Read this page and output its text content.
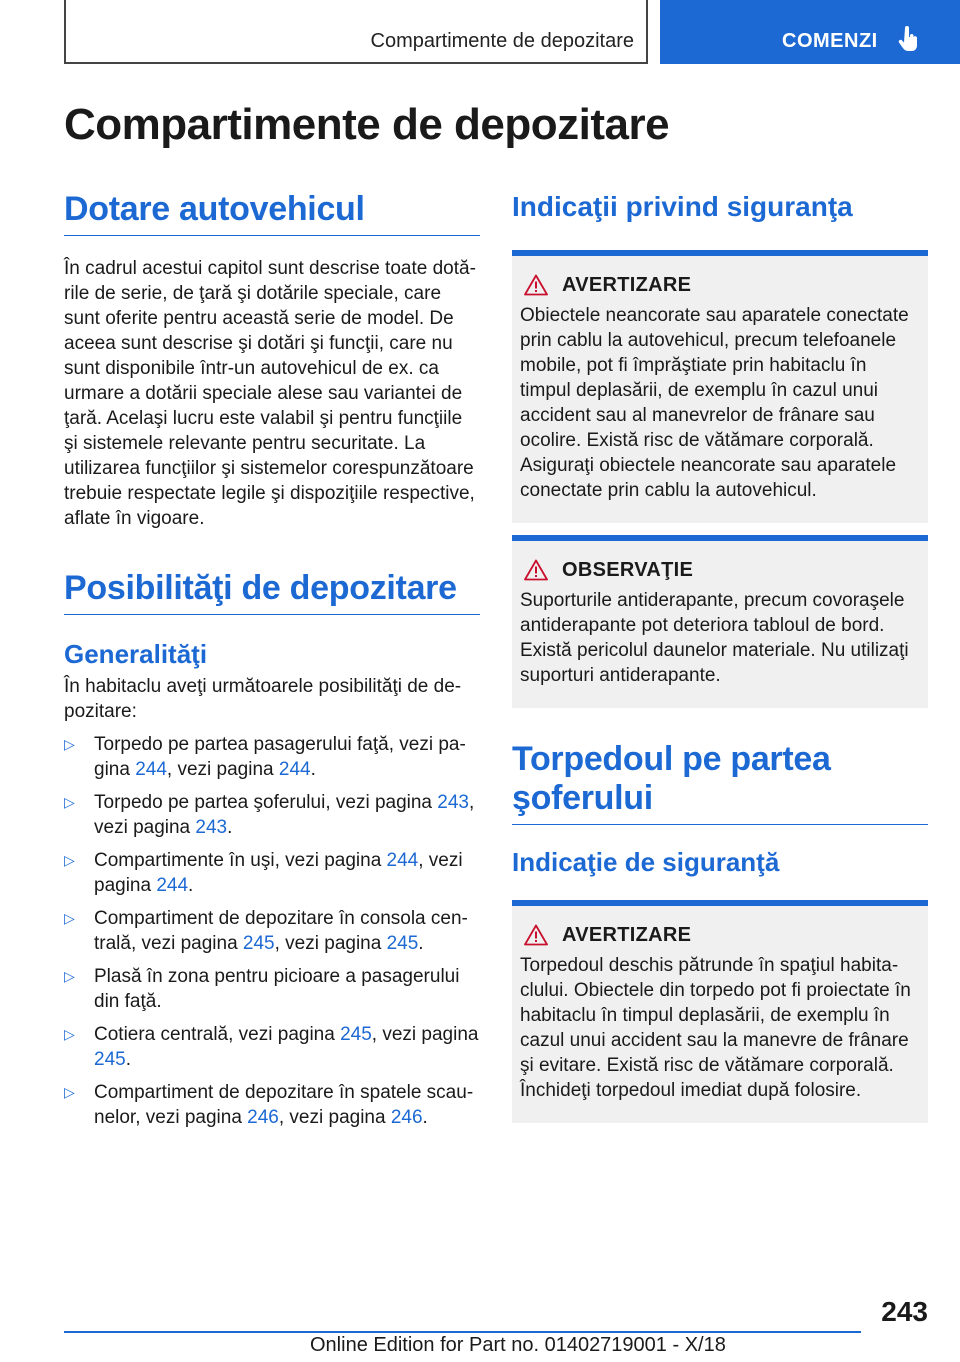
Compartimente de depozitare	COMENZI
Compartimente de depozitare
Dotare autovehicul

În cadrul acestui capitol sunt descrise toate dotările de serie, de ţară şi dotările speciale, care sunt oferite pentru această serie de model. De aceea sunt descrise şi dotări şi funcţii, care nu sunt disponibile într-un autovehicul de ex. ca urmare a dotării speciale alese sau variantei de ţară. Acelaşi lucru este valabil şi pentru funcţiile şi sistemele relevante pentru securitate. La utilizarea funcţiilor şi sistemelor corespunzătoare trebuie respectate legile şi dispoziţiile respective, aflate în vigoare.

Posibilităţi de depozitare
Generalităţi

În habitaclu aveţi următoarele posibilităţi de depozitare:

▷ Torpedo pe partea pasagerului faţă, vezi pagina 244, vezi pagina 244.
▷ Torpedo pe partea şoferului, vezi pagina 243, vezi pagina 243.
▷ Compartimente în uşi, vezi pagina 244, vezi pagina 244.
▷ Compartiment de depozitare în consola centrală, vezi pagina 245, vezi pagina 245.
▷ Plasă în zona pentru picioare a pasagerului din faţă.
▷ Cotiera centrală, vezi pagina 245, vezi pagina 245.
▷ Compartiment de depozitare în spatele scaunelor, vezi pagina 246, vezi pagina 246.
Indicaţii privind siguranţa
AVERTIZARE

Obiectele neancorate sau aparatele conectate prin cablu la autovehicul, precum telefoanele mobile, pot fi împrăştiate prin habitaclu în timpul deplasării, de exemplu în cazul unui accident sau al manevrelor de frânare sau ocolire. Există risc de vătămare corporală. Asiguraţi obiectele neancorate sau aparatele conectate prin cablu la autovehicul.

OBSERVAŢIE

Suporturile antiderapante, precum covoraşele antiderapante pot deteriora tabloul de bord. Există pericolul daunelor materiale. Nu utilizaţi suporturi antiderapante.

Torpedoul pe partea şoferului
Indicaţie de siguranţă
AVERTIZARE

Torpedoul deschis pătrunde în spaţiul habitaclului. Obiectele din torpedo pot fi proiectate în habitaclu în timpul deplasării, de exemplu în cazul unui accident sau la manevre de frânare şi evitare. Există risc de vătămare corporală. Închideţi torpedoul imediat după folosire.

243
Online Edition for Part no. 01402719001 - X/18
